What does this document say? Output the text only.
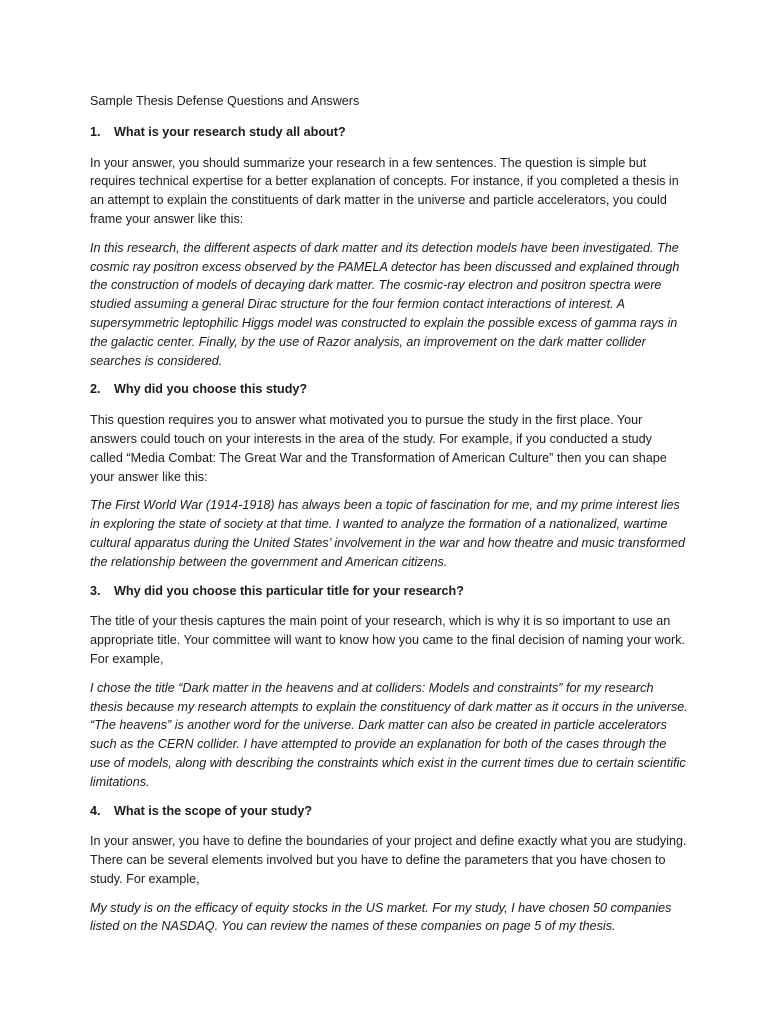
Sample Thesis Defense Questions and Answers

1.	What is your research study all about?

In your answer, you should summarize your research in a few sentences. The question is simple but requires technical expertise for a better explanation of concepts. For instance, if you completed a thesis in an attempt to explain the constituents of dark matter in the universe and particle accelerators, you could frame your answer like this:

In this research, the different aspects of dark matter and its detection models have been investigated. The cosmic ray positron excess observed by the PAMELA detector has been discussed and explained through the construction of models of decaying dark matter. The cosmic-ray electron and positron spectra were studied assuming a general Dirac structure for the four fermion contact interactions of interest. A supersymmetric leptophilic Higgs model was constructed to explain the possible excess of gamma rays in the galactic center. Finally, by the use of Razor analysis, an improvement on the dark matter collider searches is considered.

2.	Why did you choose this study?

This question requires you to answer what motivated you to pursue the study in the first place. Your answers could touch on your interests in the area of the study. For example, if you conducted a study called “Media Combat: The Great War and the Transformation of American Culture” then you can shape your answer like this:

The First World War (1914-1918) has always been a topic of fascination for me, and my prime interest lies in exploring the state of society at that time. I wanted to analyze the formation of a nationalized, wartime cultural apparatus during the United States’ involvement in the war and how theatre and music transformed the relationship between the government and American citizens.

3.	Why did you choose this particular title for your research?

The title of your thesis captures the main point of your research, which is why it is so important to use an appropriate title. Your committee will want to know how you came to the final decision of naming your work. For example,

I chose the title “Dark matter in the heavens and at colliders: Models and constraints” for my research thesis because my research attempts to explain the constituency of dark matter as it occurs in the universe. “The heavens” is another word for the universe. Dark matter can also be created in particle accelerators such as the CERN collider. I have attempted to provide an explanation for both of the cases through the use of models, along with describing the constraints which exist in the current times due to certain scientific limitations.

4.	What is the scope of your study?

In your answer, you have to define the boundaries of your project and define exactly what you are studying. There can be several elements involved but you have to define the parameters that you have chosen to study. For example,

My study is on the efficacy of equity stocks in the US market. For my study, I have chosen 50 companies listed on the NASDAQ. You can review the names of these companies on page 5 of my thesis.
